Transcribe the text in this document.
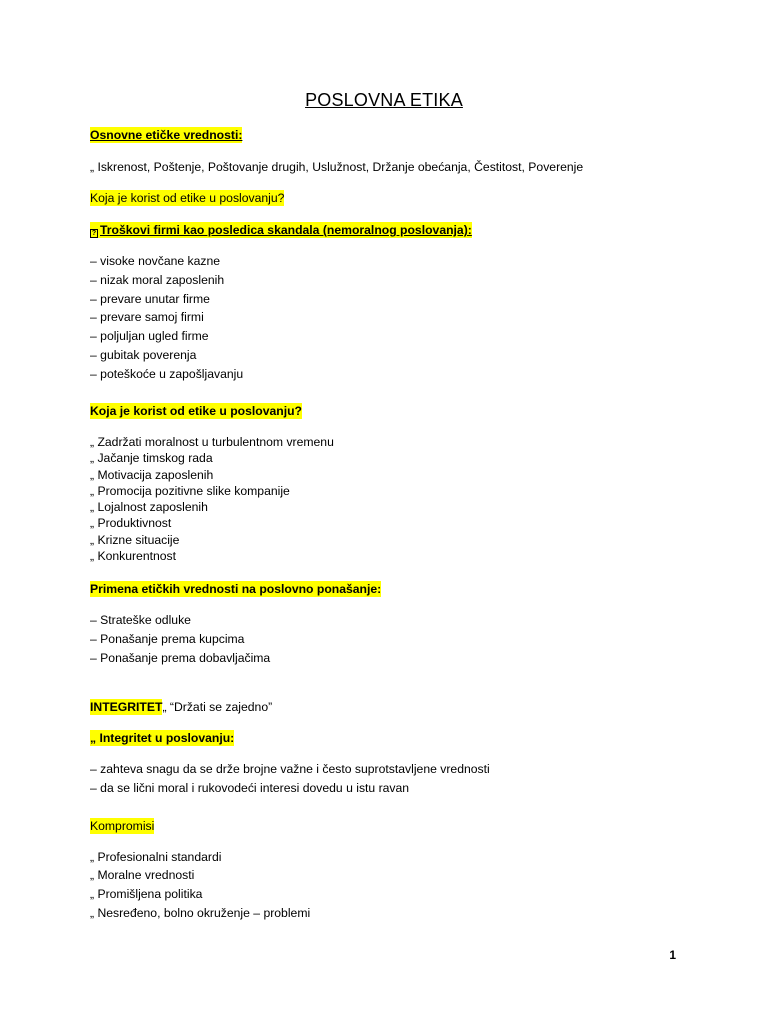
POSLOVNA ETIKA
Osnovne etičke vrednosti:
„ Iskrenost, Poštenje, Poštovanje drugih, Uslužnost, Držanje obećanja, Čestitost, Poverenje
Koja je korist od etike u poslovanju?
? Troškovi firmi kao posledica skandala (nemoralnog poslovanja):
– visoke novčane kazne
– nizak moral zaposlenih
– prevare unutar firme
– prevare samoj firmi
– poljuljan ugled firme
– gubitak poverenja
– poteškoće u zapošljavanju
Koja je korist od etike u poslovanju?
„ Zadržati moralnost u turbulentnom vremenu
„ Jačanje timskog rada
„ Motivacija zaposlenih
„ Promocija pozitivne slike kompanije
„ Lojalnost zaposlenih
„ Produktivnost
„ Krizne situacije
„ Konkurentnost
Primena etičkih vrednosti na poslovno ponašanje:
– Strateške odluke
– Ponašanje prema kupcima
– Ponašanje prema dobavljačima
INTEGRITET„ “Držati se zajedno”
„ Integritet u poslovanju:
– zahteva snagu da se drže brojne važne i često suprotstavljene vrednosti
– da se lični moral i rukovodeći interesi dovedu u istu ravan
Kompromisi
„ Profesionalni standardi
„ Moralne vrednosti
„ Promišljena politika
„ Nesređeno, bolno okruženje – problemi
1
